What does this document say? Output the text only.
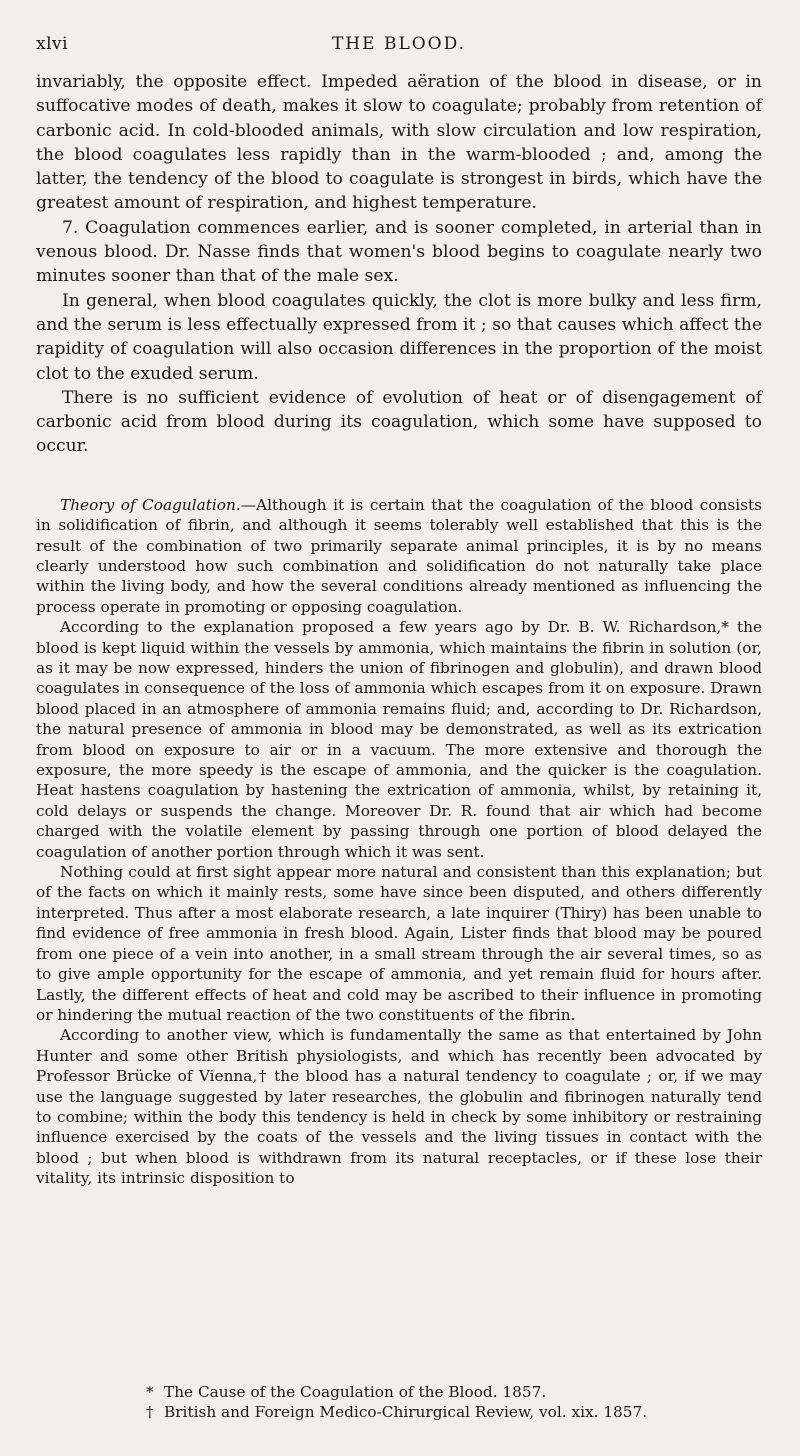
xlvi	THE BLOOD.

invariably, the opposite effect. Impeded aëration of the blood in disease, or in suffocative modes of death, makes it slow to coagulate; probably from retention of carbonic acid. In cold-blooded animals, with slow circulation and low respiration, the blood coagulates less rapidly than in the warm-blooded ; and, among the latter, the tendency of the blood to coagulate is strongest in birds, which have the greatest amount of respiration, and highest temperature.

7. Coagulation commences earlier, and is sooner completed, in arterial than in venous blood. Dr. Nasse finds that women's blood begins to coagulate nearly two minutes sooner than that of the male sex.

In general, when blood coagulates quickly, the clot is more bulky and less firm, and the serum is less effectually expressed from it ; so that causes which affect the rapidity of coagulation will also occasion differences in the proportion of the moist clot to the exuded serum.

There is no sufficient evidence of evolution of heat or of disengagement of carbonic acid from blood during its coagulation, which some have supposed to occur.

Theory of Coagulation.—Although it is certain that the coagulation of the blood consists in solidification of fibrin, and although it seems tolerably well established that this is the result of the combination of two primarily separate animal principles, it is by no means clearly understood how such combination and solidification do not naturally take place within the living body, and how the several conditions already mentioned as influencing the process operate in promoting or opposing coagulation.

According to the explanation proposed a few years ago by Dr. B. W. Richardson,* the blood is kept liquid within the vessels by ammonia, which maintains the fibrin in solution (or, as it may be now expressed, hinders the union of fibrinogen and globulin), and drawn blood coagulates in consequence of the loss of ammonia which escapes from it on exposure. Drawn blood placed in an atmosphere of ammonia remains fluid; and, according to Dr. Richardson, the natural presence of ammonia in blood may be demonstrated, as well as its extrication from blood on exposure to air or in a vacuum. The more extensive and thorough the exposure, the more speedy is the escape of ammonia, and the quicker is the coagulation. Heat hastens coagulation by hastening the extrication of ammonia, whilst, by retaining it, cold delays or suspends the change. Moreover Dr. R. found that air which had become charged with the volatile element by passing through one portion of blood delayed the coagulation of another portion through which it was sent.

Nothing could at first sight appear more natural and consistent than this explanation; but of the facts on which it mainly rests, some have since been disputed, and others differently interpreted. Thus after a most elaborate research, a late inquirer (Thiry) has been unable to find evidence of free ammonia in fresh blood. Again, Lister finds that blood may be poured from one piece of a vein into another, in a small stream through the air several times, so as to give ample opportunity for the escape of ammonia, and yet remain fluid for hours after. Lastly, the different effects of heat and cold may be ascribed to their influence in promoting or hindering the mutual reaction of the two constituents of the fibrin.

According to another view, which is fundamentally the same as that entertained by John Hunter and some other British physiologists, and which has recently been advocated by Professor Brücke of Vienna,† the blood has a natural tendency to coagulate ; or, if we may use the language suggested by later researches, the globulin and fibrinogen naturally tend to combine; within the body this tendency is held in check by some inhibitory or restraining influence exercised by the coats of the vessels and the living tissues in contact with the blood ; but when blood is withdrawn from its natural receptacles, or if these lose their vitality, its intrinsic disposition to

* The Cause of the Coagulation of the Blood. 1857.
† British and Foreign Medico-Chirurgical Review, vol. xix. 1857.
